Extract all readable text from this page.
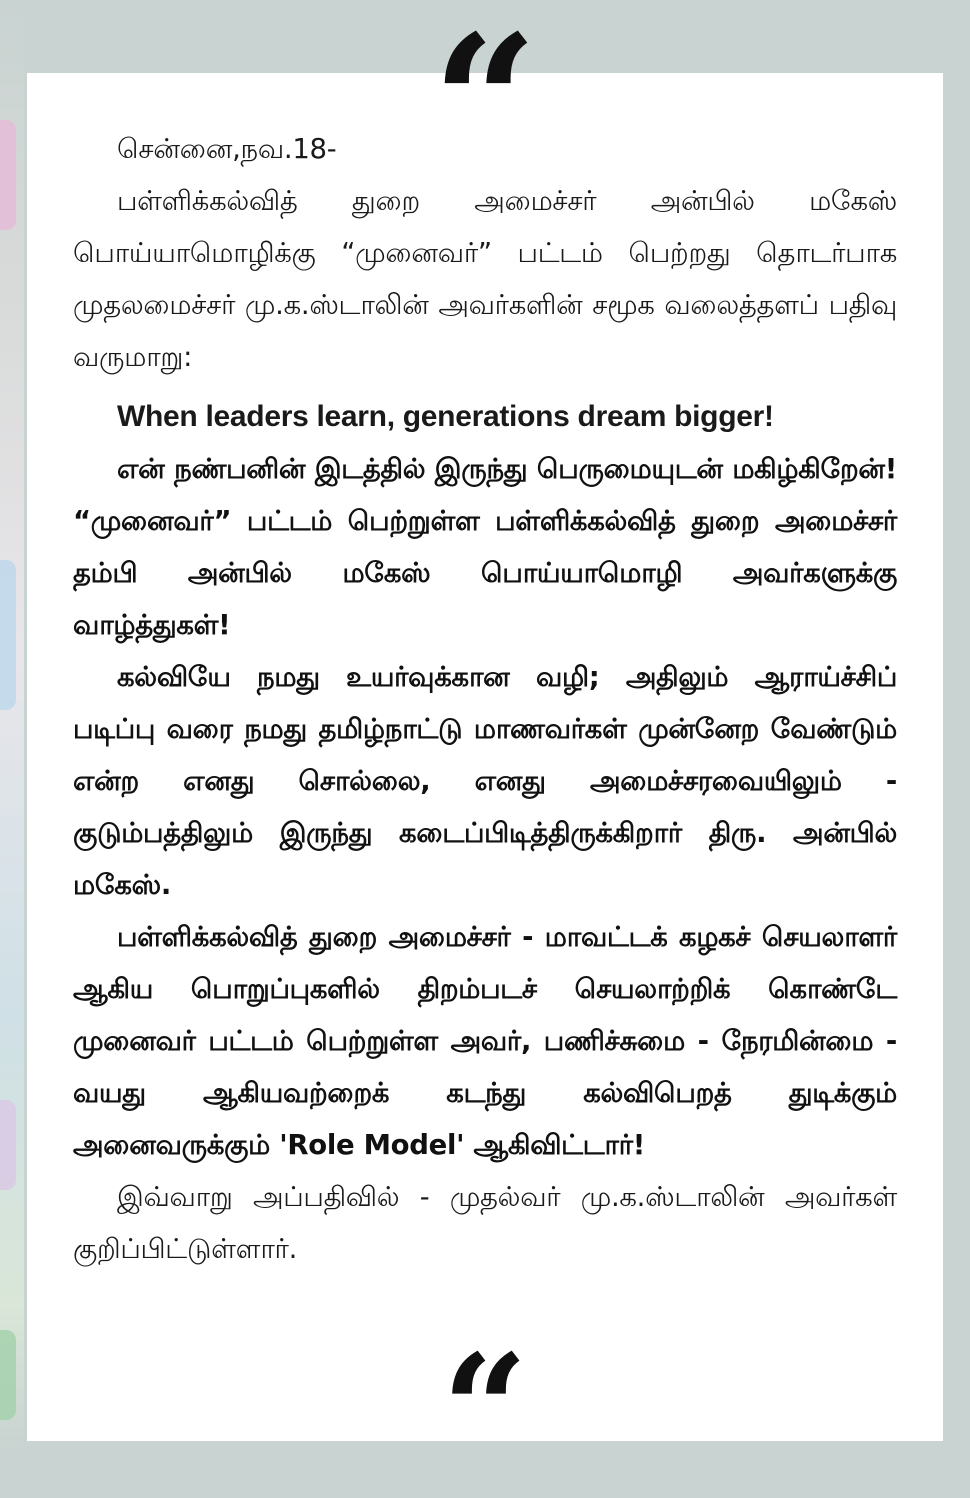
“

சென்னை,நவ.18-

பள்ளிக்கல்வித் துறை அமைச்சர் அன்பில் மகேஸ் பொய்யாமொழிக்கு “முனைவர்” பட்டம் பெற்றது தொடர்பாக முதலமைச்சர் மு.க.ஸ்டாலின் அவர்களின் சமூக வலைத்தளப் பதிவு வருமாறு:

When leaders learn, generations dream bigger!

என் நண்பனின் இடத்தில் இருந்து பெருமையுடன் மகிழ்கிறேன்! “முனைவர்” பட்டம் பெற்றுள்ள பள்ளிக்கல்வித் துறை அமைச்சர் தம்பி அன்பில் மகேஸ் பொய்யாமொழி அவர்களுக்கு வாழ்த்துகள்!

கல்வியே நமது உயர்வுக்கான வழி; அதிலும் ஆராய்ச்சிப் படிப்பு வரை நமது தமிழ்நாட்டு மாணவர்கள் முன்னேற வேண்டும் என்ற எனது சொல்லை, எனது அமைச்சரவையிலும் - குடும்பத்திலும் இருந்து கடைப்பிடித்திருக்கிறார் திரு. அன்பில் மகேஸ்.

பள்ளிக்கல்வித் துறை அமைச்சர் - மாவட்டக் கழகச் செயலாளர் ஆகிய பொறுப்புகளில் திறம்படச் செயலாற்றிக் கொண்டே முனைவர் பட்டம் பெற்றுள்ள அவர், பணிச்சுமை - நேரமின்மை - வயது ஆகியவற்றைக் கடந்து கல்விபெறத் துடிக்கும் அனைவருக்கும் 'Role Model' ஆகிவிட்டார்!

இவ்வாறு அப்பதிவில் - முதல்வர் மு.க.ஸ்டாலின் அவர்கள் குறிப்பிட்டுள்ளார்.

“
